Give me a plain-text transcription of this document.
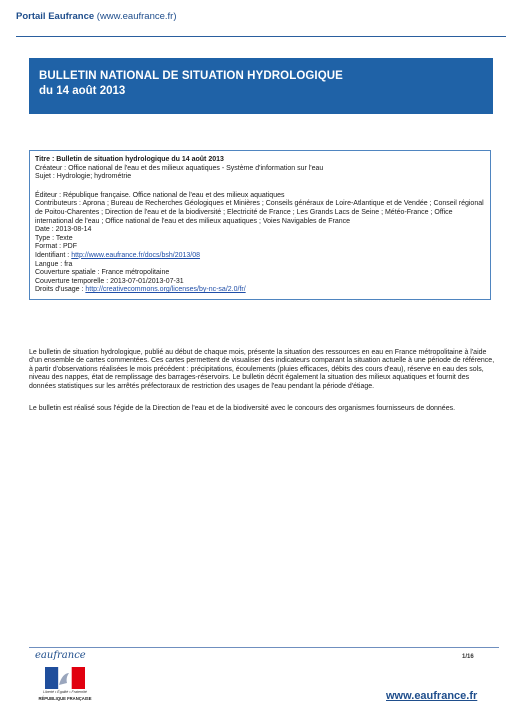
Portail Eaufrance (www.eaufrance.fr)
BULLETIN NATIONAL DE SITUATION HYDROLOGIQUE
du 14 août 2013
Titre : Bulletin de situation hydrologique du 14 août 2013
Créateur : Office national de l'eau et des milieux aquatiques - Système d'information sur l'eau
Sujet : Hydrologie; hydrométrie
Éditeur : République française. Office national de l'eau et des milieux aquatiques
Contributeurs : Aprona ; Bureau de Recherches Géologiques et Minières ; Conseils généraux de Loire-Atlantique et de Vendée ; Conseil régional de Poitou-Charentes ; Direction de l'eau et de la biodiversité ; Electricité de France ; Les Grands Lacs de Seine ; Météo-France ; Office international de l'eau ; Office national de l'eau et des milieux aquatiques ; Voies Navigables de France
Date : 2013-08-14
Type : Texte
Format : PDF
Identifiant : http://www.eaufrance.fr/docs/bsh/2013/08
Langue : fra
Couverture spatiale : France métropolitaine
Couverture temporelle : 2013-07-01/2013-07-31
Droits d'usage : http://creativecommons.org/licenses/by-nc-sa/2.0/fr/
Le bulletin de situation hydrologique, publié au début de chaque mois, présente la situation des ressources en eau en France métropolitaine à l'aide d'un ensemble de cartes commentées. Ces cartes permettent de visualiser des indicateurs comparant la situation actuelle à une période de référence, à partir d'observations réalisées le mois précédent : précipitations, écoulements (pluies efficaces, débits des cours d'eau), réserve en eau des sols, niveau des nappes, état de remplissage des barrages-réservoirs. Le bulletin décrit également la situation des milieux aquatiques et fournit des données statistiques sur les arrêtés préfectoraux de restriction des usages de l'eau pendant la période d'étiage.
Le bulletin est réalisé sous l'égide de la Direction de l'eau et de la biodiversité avec le concours des organismes fournisseurs de données.
eaufrance
Liberté • Égalité • Fraternité
RÉPUBLIQUE FRANÇAISE
1/16
www.eaufrance.fr
